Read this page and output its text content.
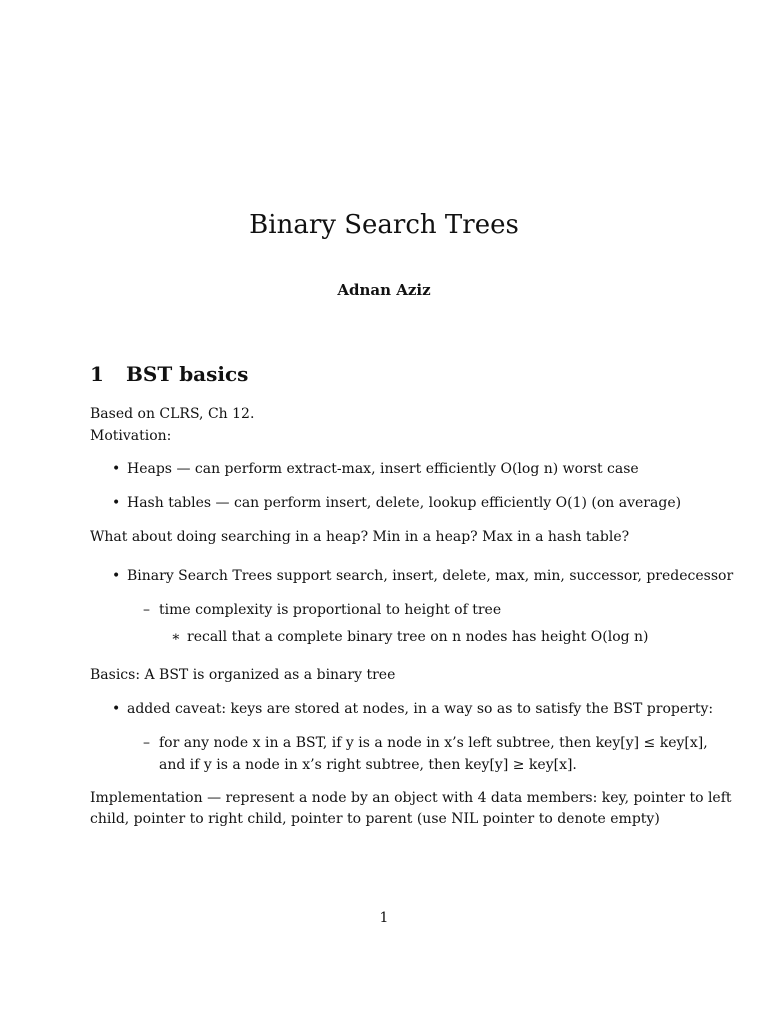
Binary Search Trees
Adnan Aziz
1 BST basics
Based on CLRS, Ch 12.
Motivation:
• Heaps — can perform extract-max, insert efficiently O(log n) worst case
• Hash tables — can perform insert, delete, lookup efficiently O(1) (on average)
What about doing searching in a heap? Min in a heap? Max in a hash table?
• Binary Search Trees support search, insert, delete, max, min, successor, predecessor
– time complexity is proportional to height of tree
∗ recall that a complete binary tree on n nodes has height O(log n)
Basics: A BST is organized as a binary tree
• added caveat: keys are stored at nodes, in a way so as to satisfy the BST property:
– for any node x in a BST, if y is a node in x’s left subtree, then key[y] ≤ key[x],
and if y is a node in x’s right subtree, then key[y] ≥ key[x].
Implementation — represent a node by an object with 4 data members: key, pointer to left
child, pointer to right child, pointer to parent (use NIL pointer to denote empty)
1
